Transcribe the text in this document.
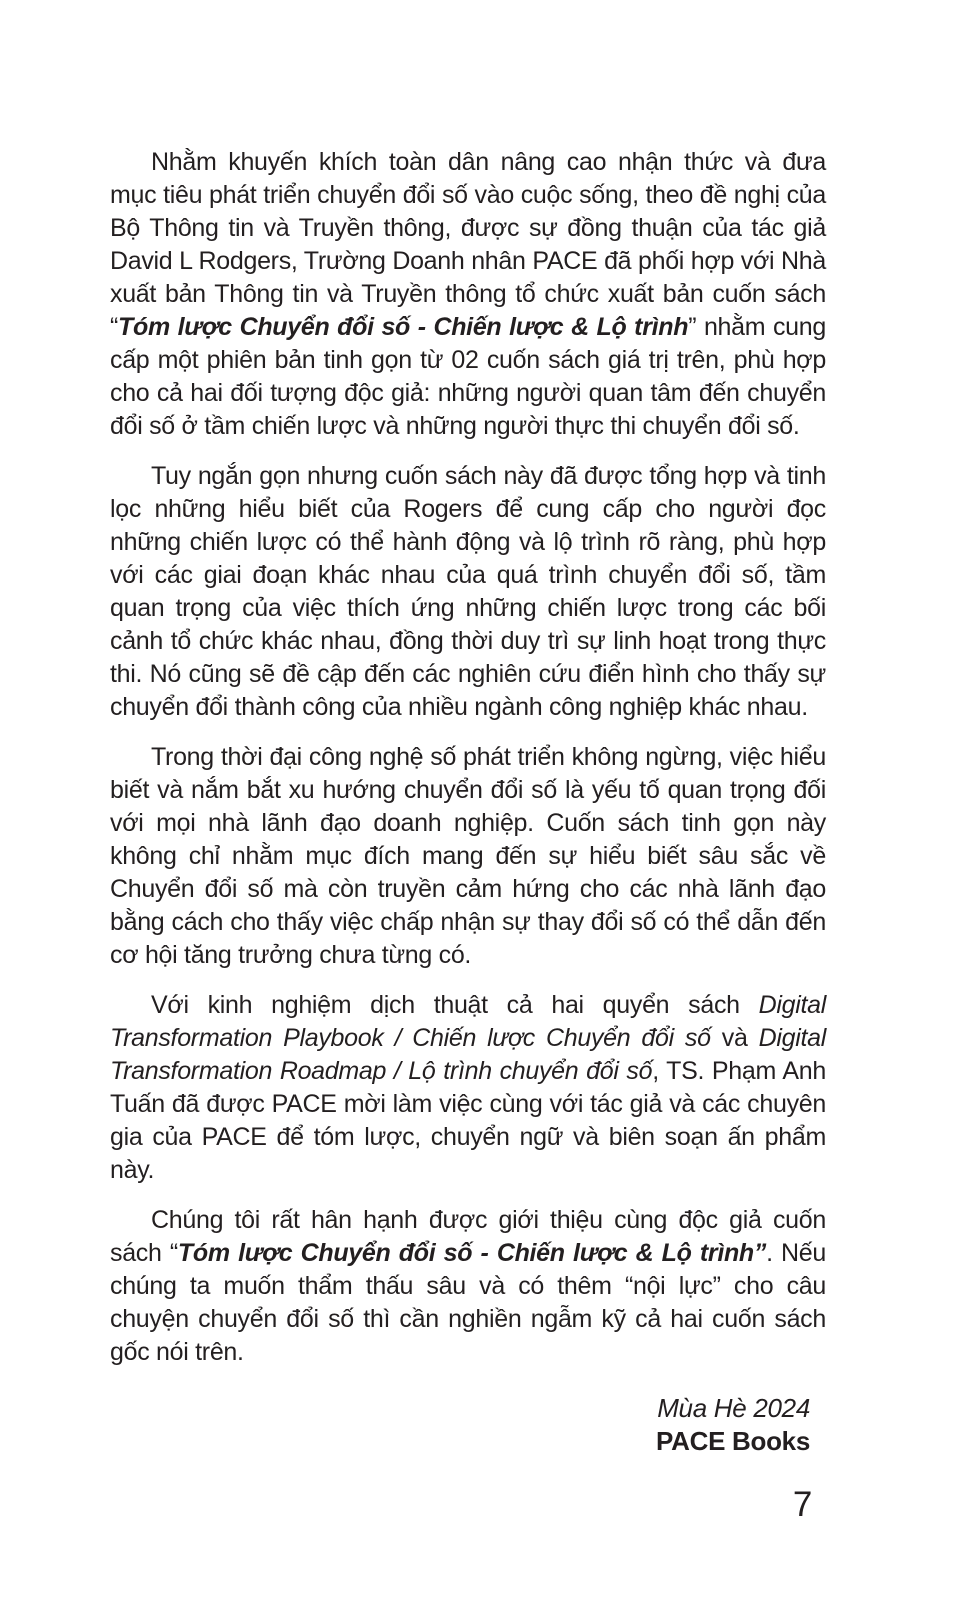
Nhằm khuyến khích toàn dân nâng cao nhận thức và đưa mục tiêu phát triển chuyển đổi số vào cuộc sống, theo đề nghị của Bộ Thông tin và Truyền thông, được sự đồng thuận của tác giả David L Rodgers, Trường Doanh nhân PACE đã phối hợp với Nhà xuất bản Thông tin và Truyền thông tổ chức xuất bản cuốn sách “Tóm lược Chuyển đổi số - Chiến lược & Lộ trình” nhằm cung cấp một phiên bản tinh gọn từ 02 cuốn sách giá trị trên, phù hợp cho cả hai đối tượng độc giả: những người quan tâm đến chuyển đổi số ở tầm chiến lược và những người thực thi chuyển đổi số.

Tuy ngắn gọn nhưng cuốn sách này đã được tổng hợp và tinh lọc những hiểu biết của Rogers để cung cấp cho người đọc những chiến lược có thể hành động và lộ trình rõ ràng, phù hợp với các giai đoạn khác nhau của quá trình chuyển đổi số, tầm quan trọng của việc thích ứng những chiến lược trong các bối cảnh tổ chức khác nhau, đồng thời duy trì sự linh hoạt trong thực thi. Nó cũng sẽ đề cập đến các nghiên cứu điển hình cho thấy sự chuyển đổi thành công của nhiều ngành công nghiệp khác nhau.

Trong thời đại công nghệ số phát triển không ngừng, việc hiểu biết và nắm bắt xu hướng chuyển đổi số là yếu tố quan trọng đối với mọi nhà lãnh đạo doanh nghiệp. Cuốn sách tinh gọn này không chỉ nhằm mục đích mang đến sự hiểu biết sâu sắc về Chuyển đổi số mà còn truyền cảm hứng cho các nhà lãnh đạo bằng cách cho thấy việc chấp nhận sự thay đổi số có thể dẫn đến cơ hội tăng trưởng chưa từng có.

Với kinh nghiệm dịch thuật cả hai quyển sách Digital Transformation Playbook / Chiến lược Chuyển đổi số và Digital Transformation Roadmap / Lộ trình chuyển đổi số, TS. Phạm Anh Tuấn đã được PACE mời làm việc cùng với tác giả và các chuyên gia của PACE để tóm lược, chuyển ngữ và biên soạn ấn phẩm này.

Chúng tôi rất hân hạnh được giới thiệu cùng độc giả cuốn sách “Tóm lược Chuyển đổi số - Chiến lược & Lộ trình”. Nếu chúng ta muốn thẩm thấu sâu và có thêm “nội lực” cho câu chuyện chuyển đổi số thì cần nghiền ngẫm kỹ cả hai cuốn sách gốc nói trên.

Mùa Hè 2024
PACE Books
7
